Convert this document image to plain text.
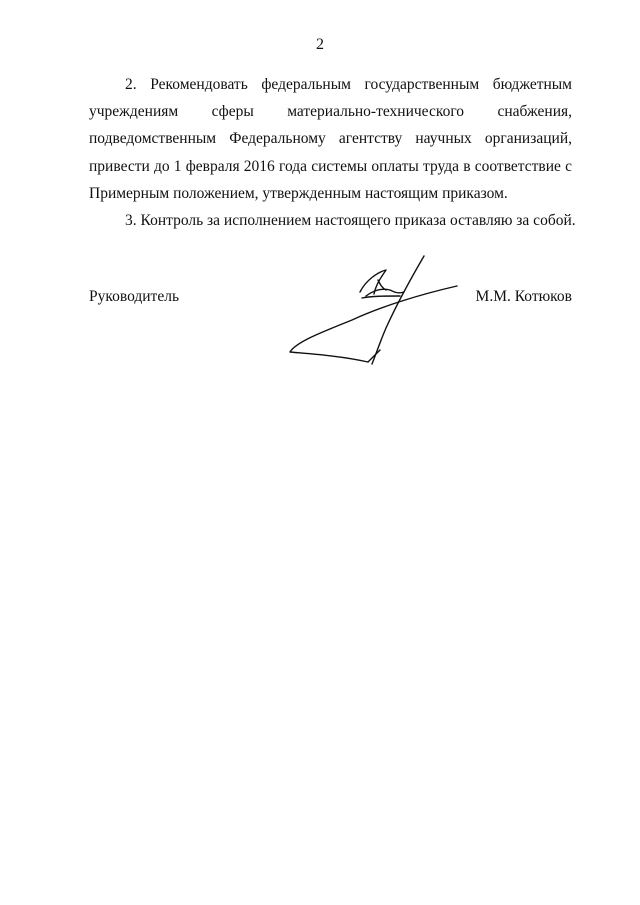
2
2. Рекомендовать федеральным государственным бюджетным
учреждениям сферы материально-технического снабжения,
подведомственным Федеральному агентству научных организаций,
привести до 1 февраля 2016 года системы оплаты труда в соответствие с
Примерным положением, утвержденным настоящим приказом.
3. Контроль за исполнением настоящего приказа оставляю за собой.
Руководитель	М.М. Котюков
